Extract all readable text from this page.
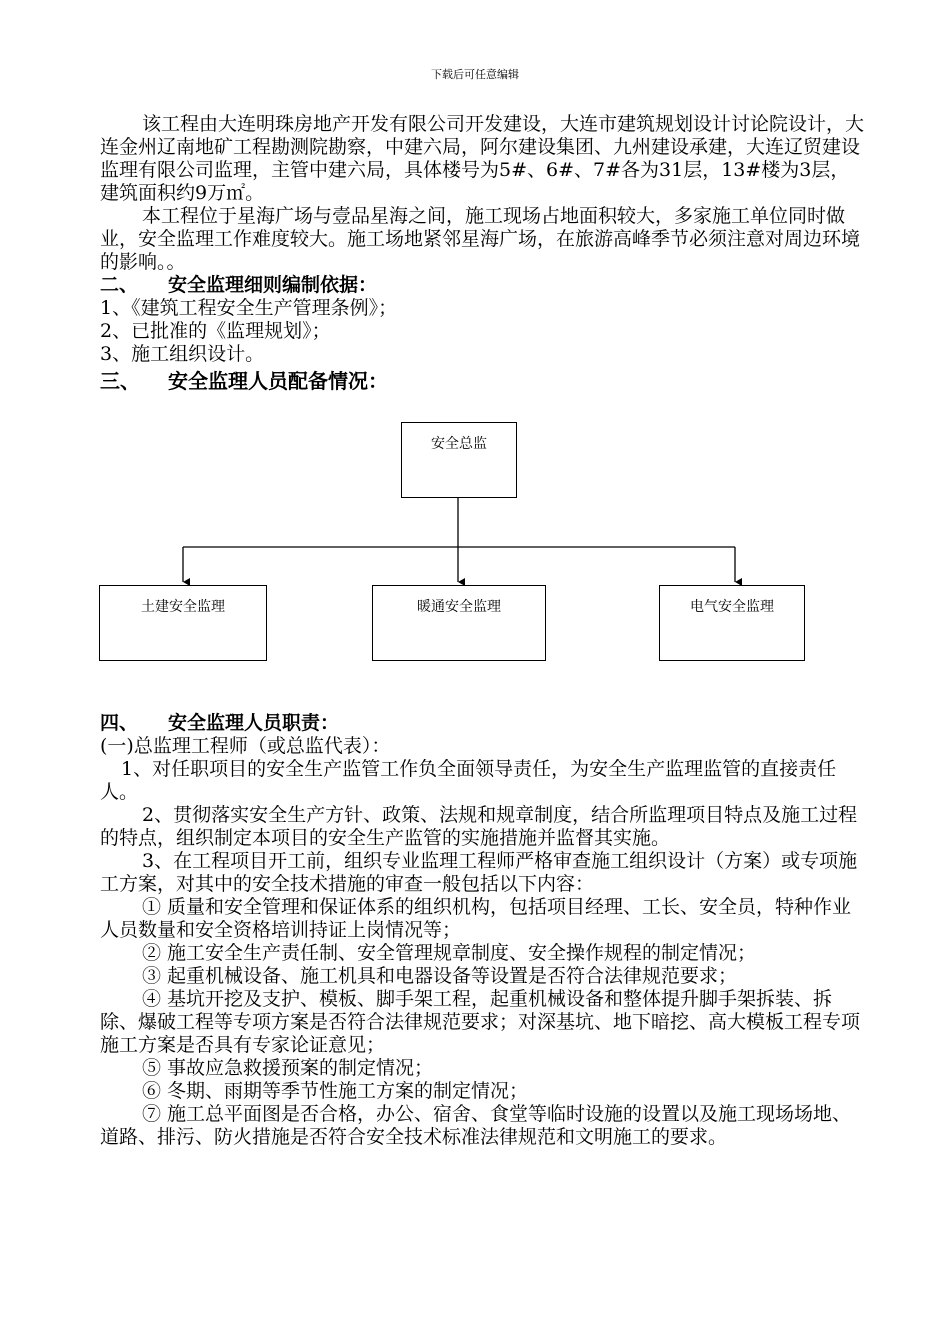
下载后可任意编辑

该工程由大连明珠房地产开发有限公司开发建设，大连市建筑规划设计讨论院设计，大连金州辽南地矿工程勘测院勘察，中建六局，阿尔建设集团、九州建设承建，大连辽贸建设监理有限公司监理，主管中建六局，具体楼号为5#、6#、7#各为31层，13#楼为3层，建筑面积约9万㎡。

本工程位于星海广场与壹品星海之间，施工现场占地面积较大，多家施工单位同时做业，安全监理工作难度较大。施工场地紧邻星海广场，在旅游高峰季节必须注意对周边环境的影响。。

二、 安全监理细则编制依据：

1、《建筑工程安全生产管理条例》；

2、已批准的《监理规划》；

3、施工组织设计。

三、 安全监理人员配备情况：

安全总监
土建安全监理	暖通安全监理	电气安全监理

四、 安全监理人员职责：

(一)总监理工程师（或总监代表）：

1、对任职项目的安全生产监管工作负全面领导责任，为安全生产监理监管的直接责任人。

2、贯彻落实安全生产方针、政策、法规和规章制度，结合所监理项目特点及施工过程的特点，组织制定本项目的安全生产监管的实施措施并监督其实施。

3、在工程项目开工前，组织专业监理工程师严格审查施工组织设计（方案）或专项施工方案，对其中的安全技术措施的审查一般包括以下内容：

① 质量和安全管理和保证体系的组织机构，包括项目经理、工长、安全员，特种作业人员数量和安全资格培训持证上岗情况等；

② 施工安全生产责任制、安全管理规章制度、安全操作规程的制定情况；

③ 起重机械设备、施工机具和电器设备等设置是否符合法律规范要求；

④ 基坑开挖及支护、模板、脚手架工程，起重机械设备和整体提升脚手架拆装、拆除、爆破工程等专项方案是否符合法律规范要求；对深基坑、地下暗挖、高大模板工程专项施工方案是否具有专家论证意见；

⑤ 事故应急救援预案的制定情况；

⑥ 冬期、雨期等季节性施工方案的制定情况；

⑦ 施工总平面图是否合格，办公、宿舍、食堂等临时设施的设置以及施工现场场地、道路、排污、防火措施是否符合安全技术标准法律规范和文明施工的要求。
